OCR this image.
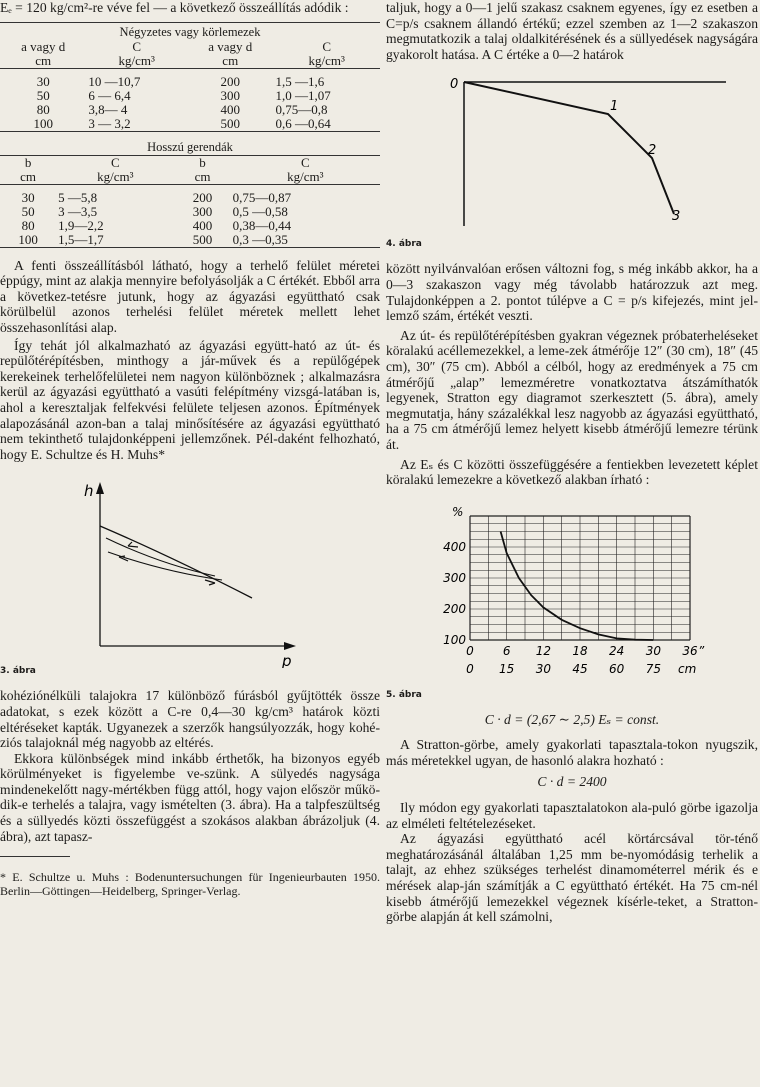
Eₑ = 120 kg/cm²-re véve fel — a következő összeállítás adódik :

Négyzetes vagy körlemezek
a vagy d	C	a vagy d	C
cm	kg/cm³	cm	kg/cm³

30	10 —10,7	200	1,5 —1,6
50	6 — 6,4	300	1,0 —1,07
80	3,8— 4	400	0,75—0,8
100	3 — 3,2	500	0,6 —0,64
Hosszú gerendák
b	C	b	C
cm	kg/cm³	cm	kg/cm³

30	5 —5,8	200	0,75—0,87
50	3 —3,5	300	0,5 —0,58
80	1,9—2,2	400	0,38—0,44
100	1,5—1,7	500	0,3 —0,35

A fenti összeállításból látható, hogy a terhelő felület méretei éppúgy, mint az alakja mennyire befolyásolják a C értékét. Ebből arra a következ-tetésre jutunk, hogy az ágyazási együttható csak körülbelül azonos terhelési felület méretek mellett lehet összehasonlítási alap.

Így tehát jól alkalmazható az ágyazási együtt-ható az út- és repülőtérépítésben, minthogy a jár-művek és a repülőgépek kerekeinek terhelőfelületei nem nagyon különböznek ; alkalmazásra kerül az ágyazási együttható a vasúti felépítmény vizsgá-latában is, ahol a keresztaljak felfekvési felülete teljesen azonos. Építmények alapozásánál azon-ban a talaj minősítésére az ágyazási együttható nem tekinthető tulajdonképpeni jellemzőnek. Pél-daként felhozható, hogy E. Schultze és H. Muhs*

h
p
3. ábra

kohéziónélküli talajokra 17 különböző fúrásból gyűjtötték össze adatokat, s ezek között a C-re 0,4—30 kg/cm³ határok közti eltéréseket kapták. Ugyanezek a szerzők hangsúlyozzák, hogy kohé-ziós talajoknál még nagyobb az eltérés.

Ekkora különbségek mind inkább érthetők, ha bizonyos egyéb körülményeket is figyelembe ve-szünk. A sülyedés nagysága mindenekelőtt nagy-mértékben függ attól, hogy vajon először műkö-dik-e terhelés a talajra, vagy ismételten (3. ábra). Ha a talpfeszültség és a süllyedés közti összefüggést a szokásos alakban ábrázoljuk (4. ábra), azt tapasz-

* E. Schultze u. Muhs : Bodenuntersuchungen für Ingenieurbauten 1950. Berlin—Göttingen—Heidelberg, Springer-Verlag.

taljuk, hogy a 0—1 jelű szakasz csaknem egyenes, így ez esetben a C=p/s csaknem állandó értékű; ezzel szemben az 1—2 szakaszon megmutatkozik a talaj oldalkitérésének és a süllyedések nagyságára gyakorolt hatása. A C értéke a 0—2 határok

0
1
2
3
4. ábra

között nyilvánvalóan erősen változni fog, s még inkább akkor, ha a 0—3 szakaszon vagy még távolabb határozzuk azt meg. Tulajdonképpen a 2. pontot túlépve a C = p/s kifejezés, mint jel-lemző szám, értékét veszti.

Az út- és repülőtérépítésben gyakran végeznek próbaterheléseket köralakú acéllemezekkel, a leme-zek átmérője 12″ (30 cm), 18″ (45 cm), 30″ (75 cm). Abból a célból, hogy az eredmények a 75 cm átmérőjű „alap” lemezméretre vonatkoztatva átszámíthatók legyenek, Stratton egy diagramot szerkesztett (5. ábra), amely megmutatja, hány százalékkal lesz nagyobb az ágyazási együttható, ha a 75 cm átmérőjű lemez helyett kisebb átmérőjű lemezre térünk át.

Az Eₛ és C közötti összefüggésére a fentiekben levezetett képlet köralakú lemezekre a következő alakban írható :

400
300
200
100
0 6 12 18 24 30 36
0 15 30 45 60 75
%
”
cm
5. ábra

C · d = (2,67 ∼ 2,5) Eₛ = const.

A Stratton-görbe, amely gyakorlati tapasztala-tokon nyugszik, más méretekkel ugyan, de hasonló alakra hozható :

C · d = 2400

Ily módon egy gyakorlati tapasztalatokon ala-puló görbe igazolja az elméleti feltételezéseket.

Az ágyazási együttható acél körtárcsával tör-ténő meghatározásánál általában 1,25 mm be-nyomódásig terhelik a talajt, az ehhez szükséges terhelést dinamométerrel mérik és e mérések alap-ján számítják a C együttható értékét. Ha 75 cm-nél kisebb átmérőjű lemezekkel végeznek kísérle-teket, a Stratton-görbe alapján át kell számolni,
